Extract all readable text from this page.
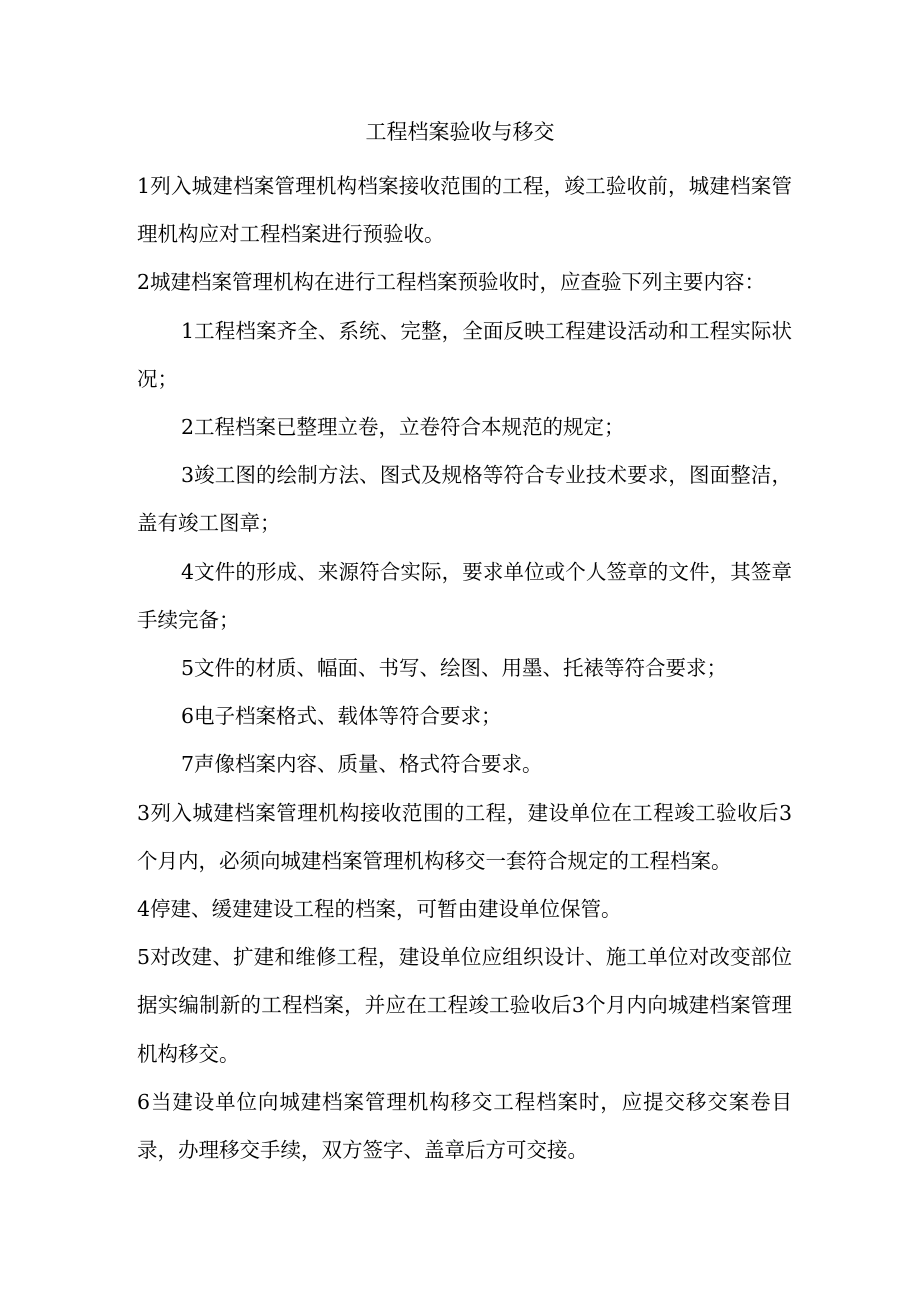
工程档案验收与移交

1列入城建档案管理机构档案接收范围的工程，竣工验收前，城建档案管理机构应对工程档案进行预验收。

2城建档案管理机构在进行工程档案预验收时，应查验下列主要内容：

1工程档案齐全、系统、完整，全面反映工程建设活动和工程实际状况；

2工程档案已整理立卷，立卷符合本规范的规定；

3竣工图的绘制方法、图式及规格等符合专业技术要求，图面整洁，盖有竣工图章；

4文件的形成、来源符合实际，要求单位或个人签章的文件，其签章手续完备；

5文件的材质、幅面、书写、绘图、用墨、托裱等符合要求；

6电子档案格式、载体等符合要求；

7声像档案内容、质量、格式符合要求。

3列入城建档案管理机构接收范围的工程，建设单位在工程竣工验收后3个月内，必须向城建档案管理机构移交一套符合规定的工程档案。

4停建、缓建建设工程的档案，可暂由建设单位保管。

5对改建、扩建和维修工程，建设单位应组织设计、施工单位对改变部位据实编制新的工程档案，并应在工程竣工验收后3个月内向城建档案管理机构移交。

6当建设单位向城建档案管理机构移交工程档案时，应提交移交案卷目录，办理移交手续，双方签字、盖章后方可交接。
